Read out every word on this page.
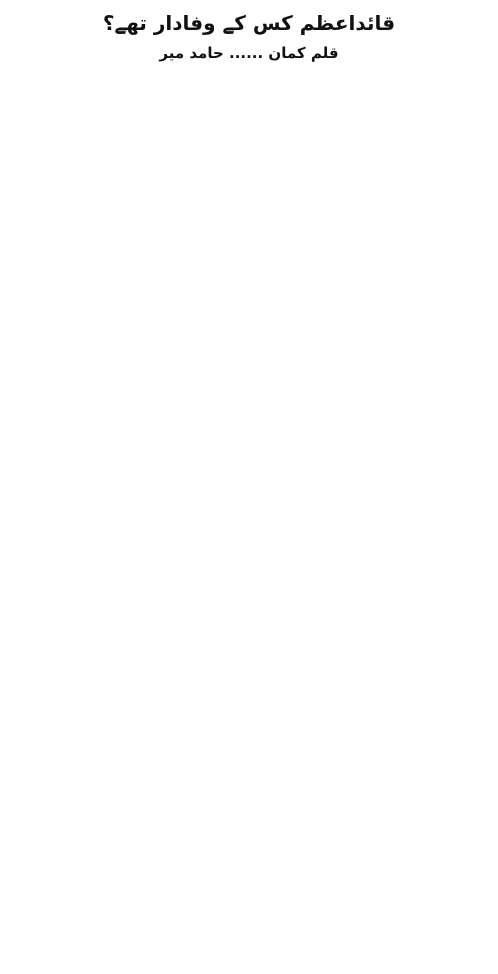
قائداعظم کس کے وفادار تھے؟
قلم کمان ...... حامد میر
